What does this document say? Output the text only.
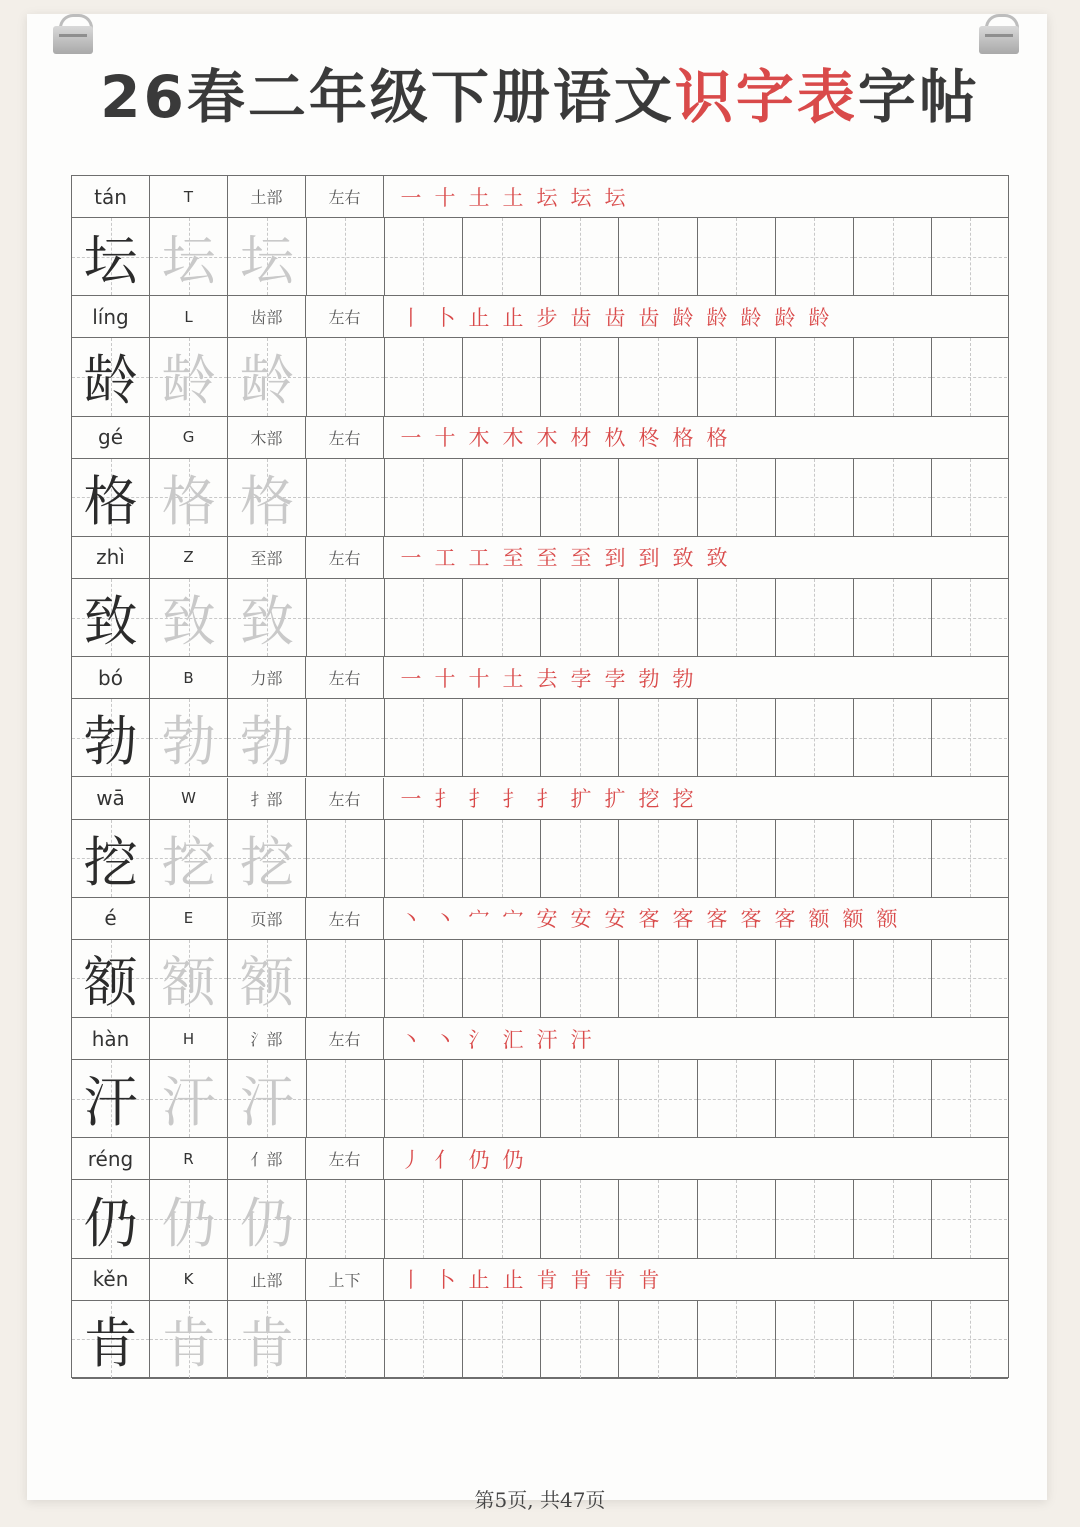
26春二年级下册语文识字表字帖
tán	T	土部	左右	一 十 土 土 坛 坛 坛
坛 坛 坛
líng	L	齿部	左右	丨 卜 止 止 步 齿 齿 齿 龄 龄 龄 龄 龄
龄 龄 龄
gé	G	木部	左右	一 十 木 木 木 材 杦 柊 格 格
格 格 格
zhì	Z	至部	左右	一 工 工 至 至 至 到 到 致 致
致 致 致
bó	B	力部	左右	一 十 十 土 去 孛 孛 勃 勃
勃 勃 勃
wā	W	扌部	左右	一 扌 扌 扌 扌 扩 扩 挖 挖
挖 挖 挖
é	E	页部	左右	丶 丶 宀 宀 安 安 安 客 客 客 客 客 额 额 额
额 额 额
hàn	H	氵部	左右	丶 丶 氵 汇 汗 汗
汗 汗 汗
réng	R	亻部	左右	丿 亻 仍 仍
仍 仍 仍
kěn	K	止部	上下	丨 卜 止 止 肯 肯 肯 肯
肯 肯 肯
第5页, 共47页
